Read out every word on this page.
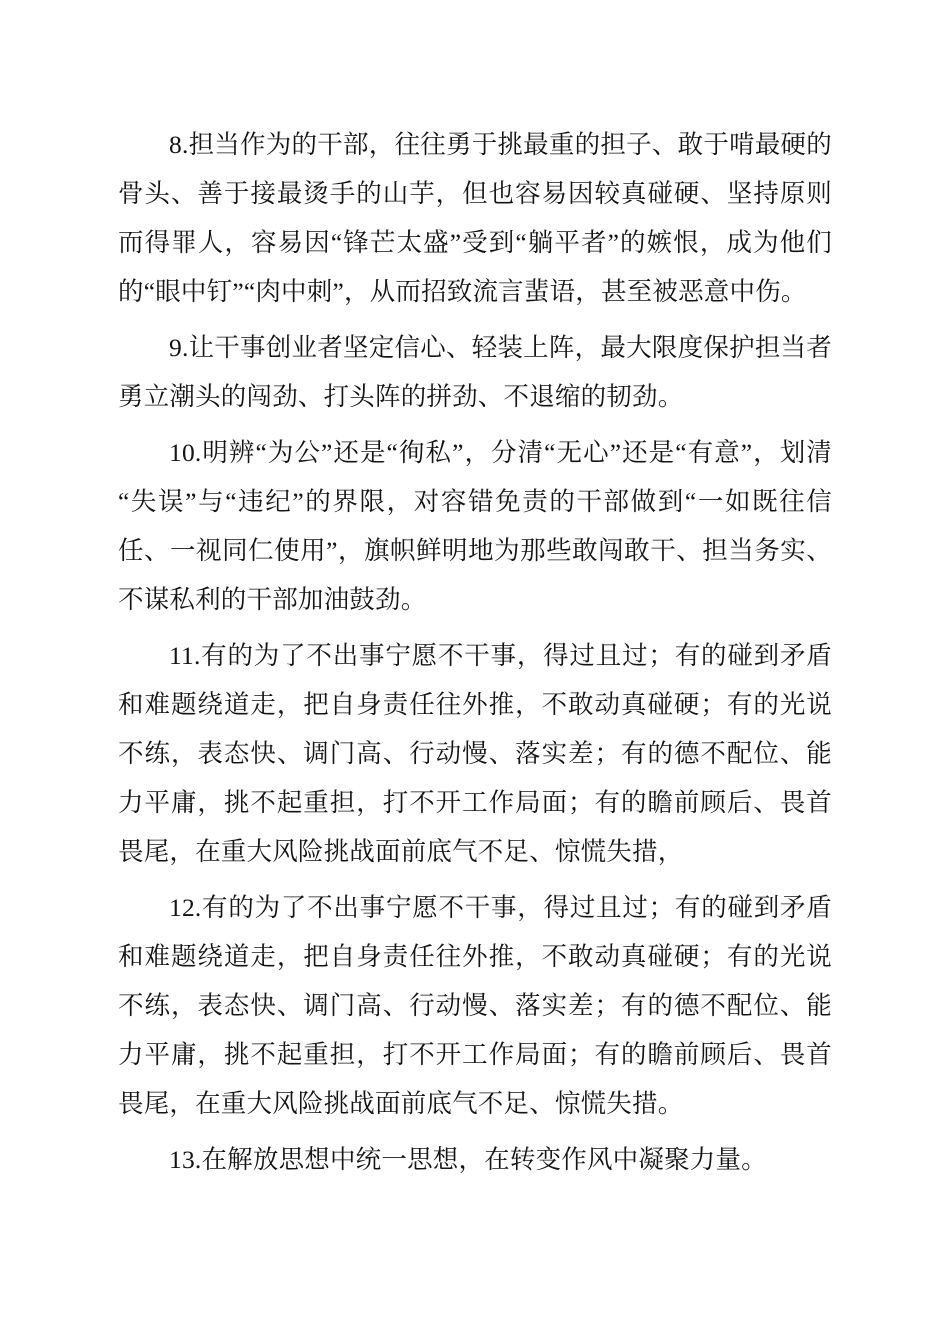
8.担当作为的干部，往往勇于挑最重的担子、敢于啃最硬的骨头、善于接最烫手的山芋，但也容易因较真碰硬、坚持原则而得罪人，容易因“锋芒太盛”受到“躺平者”的嫉恨，成为他们的“眼中钉”“肉中刺”，从而招致流言蜚语，甚至被恶意中伤。

9.让干事创业者坚定信心、轻装上阵，最大限度保护担当者勇立潮头的闯劲、打头阵的拼劲、不退缩的韧劲。

10.明辨“为公”还是“徇私”，分清“无心”还是“有意”，划清“失误”与“违纪”的界限，对容错免责的干部做到“一如既往信任、一视同仁使用”，旗帜鲜明地为那些敢闯敢干、担当务实、不谋私利的干部加油鼓劲。

11.有的为了不出事宁愿不干事，得过且过；有的碰到矛盾和难题绕道走，把自身责任往外推，不敢动真碰硬；有的光说不练，表态快、调门高、行动慢、落实差；有的德不配位、能力平庸，挑不起重担，打不开工作局面；有的瞻前顾后、畏首畏尾，在重大风险挑战面前底气不足、惊慌失措，

12.有的为了不出事宁愿不干事，得过且过；有的碰到矛盾和难题绕道走，把自身责任往外推，不敢动真碰硬；有的光说不练，表态快、调门高、行动慢、落实差；有的德不配位、能力平庸，挑不起重担，打不开工作局面；有的瞻前顾后、畏首畏尾，在重大风险挑战面前底气不足、惊慌失措。

13.在解放思想中统一思想，在转变作风中凝聚力量。
